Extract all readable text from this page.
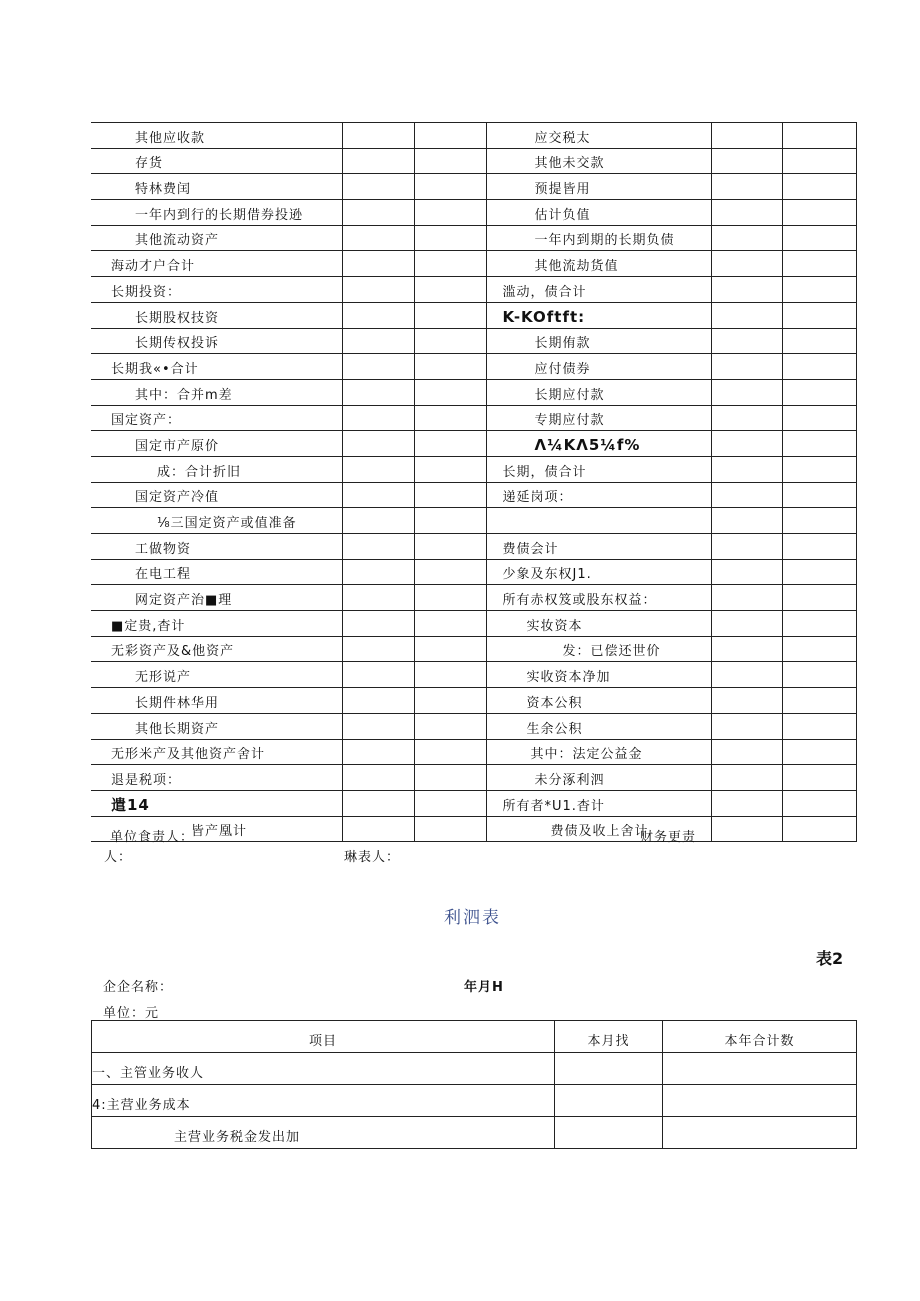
其他应收款			应交税太		
存货			其他未交款		
特林费闰			预提皆用		
一年内到行的长期借券投逊			估计负值		
其他流动资产			一年内到期的长期负债		
海动才户合计			其他流劫货值		
长期投资：			滥动，债合计		
长期股权技资			K-KOftft:		
长期传权投诉			长期侑款		
长期我«•合计			应付债券		
其中：合并m差			长期应付款		
国定资产：			专期应付款		
国定市产原价			Λ¼KΛ5¼f%		
成：合计折旧			长期，债合计		
国定资产冷值			递延岗项：		
⅛三国定资产或值准备					
工做物资			费债会计		
在电工程			少象及东权J1.		
网定资产治■理			所有赤权笈或股东权益：		
■定贵,杳计			实妆资本		
无彩资产及&他资产			发：已偿还世价		
无形说产			实收资本净加		
长期件林华用			资本公积		
其他长期资产			生余公积		
无形米产及其他资产舍计			其中：法定公益金		
退是税项：			未分涿利泗		
遣14			所有者*U1.杳计		
皆产凰计			费债及收上舍计		
单位食责人：	财务更责
人：	琳表人：
利泗表
表2
企企名称：	年月H
单位：元
项目	本月找	本年合计数
一、主管业务收人		
4:主营业务成本		
主营业务税金发出加		
